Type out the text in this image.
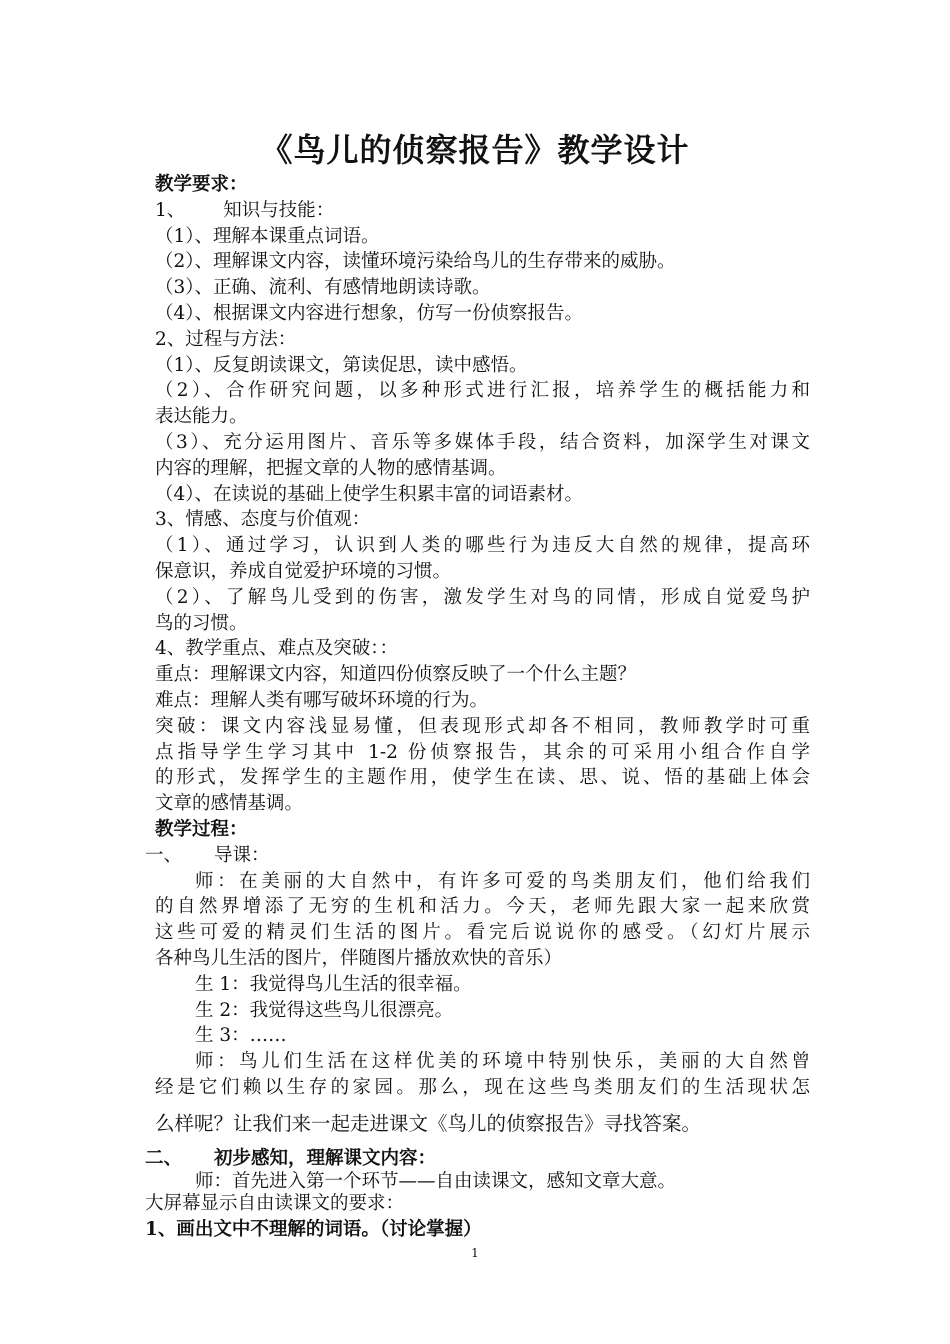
《鸟儿的侦察报告》教学设计
教学要求：
1、 知识与技能：
（1）、理解本课重点词语。
（2）、理解课文内容，读懂环境污染给鸟儿的生存带来的威胁。
（3）、正确、流利、有感情地朗读诗歌。
（4）、根据课文内容进行想象，仿写一份侦察报告。
2、过程与方法：
（1）、反复朗读课文，第读促思，读中感悟。
（2）、合作研究问题，以多种形式进行汇报，培养学生的概括能力和
表达能力。
（3）、充分运用图片、音乐等多媒体手段，结合资料，加深学生对课文
内容的理解，把握文章的人物的感情基调。
（4）、在读说的基础上使学生积累丰富的词语素材。
3、情感、态度与价值观：
（1）、通过学习，认识到人类的哪些行为违反大自然的规律，提高环
保意识，养成自觉爱护环境的习惯。
（2）、了解鸟儿受到的伤害，激发学生对鸟的同情，形成自觉爱鸟护
鸟的习惯。
4、教学重点、难点及突破：：
重点：理解课文内容，知道四份侦察反映了一个什么主题？
难点：理解人类有哪写破坏环境的行为。
突破：课文内容浅显易懂，但表现形式却各不相同，教师教学时可重
点指导学生学习其中 1-2 份侦察报告，其余的可采用小组合作自学
的形式，发挥学生的主题作用，使学生在读、思、说、悟的基础上体会
文章的感情基调。
教学过程：
一、 导课：
师：在美丽的大自然中，有许多可爱的鸟类朋友们，他们给我们
的自然界增添了无穷的生机和活力。今天，老师先跟大家一起来欣赏
这些可爱的精灵们生活的图片。看完后说说你的感受。（幻灯片展示
各种鸟儿生活的图片，伴随图片播放欢快的音乐）
生 1：我觉得鸟儿生活的很幸福。
生 2：我觉得这些鸟儿很漂亮。
生 3：……
师：鸟儿们生活在这样优美的环境中特别快乐，美丽的大自然曾
经是它们赖以生存的家园。那么，现在这些鸟类朋友们的生活现状怎
么样呢？让我们来一起走进课文《鸟儿的侦察报告》寻找答案。
二、 初步感知，理解课文内容：
师：首先进入第一个环节——自由读课文，感知文章大意。
大屏幕显示自由读课文的要求：
1、画出文中不理解的词语。（讨论掌握）
1
